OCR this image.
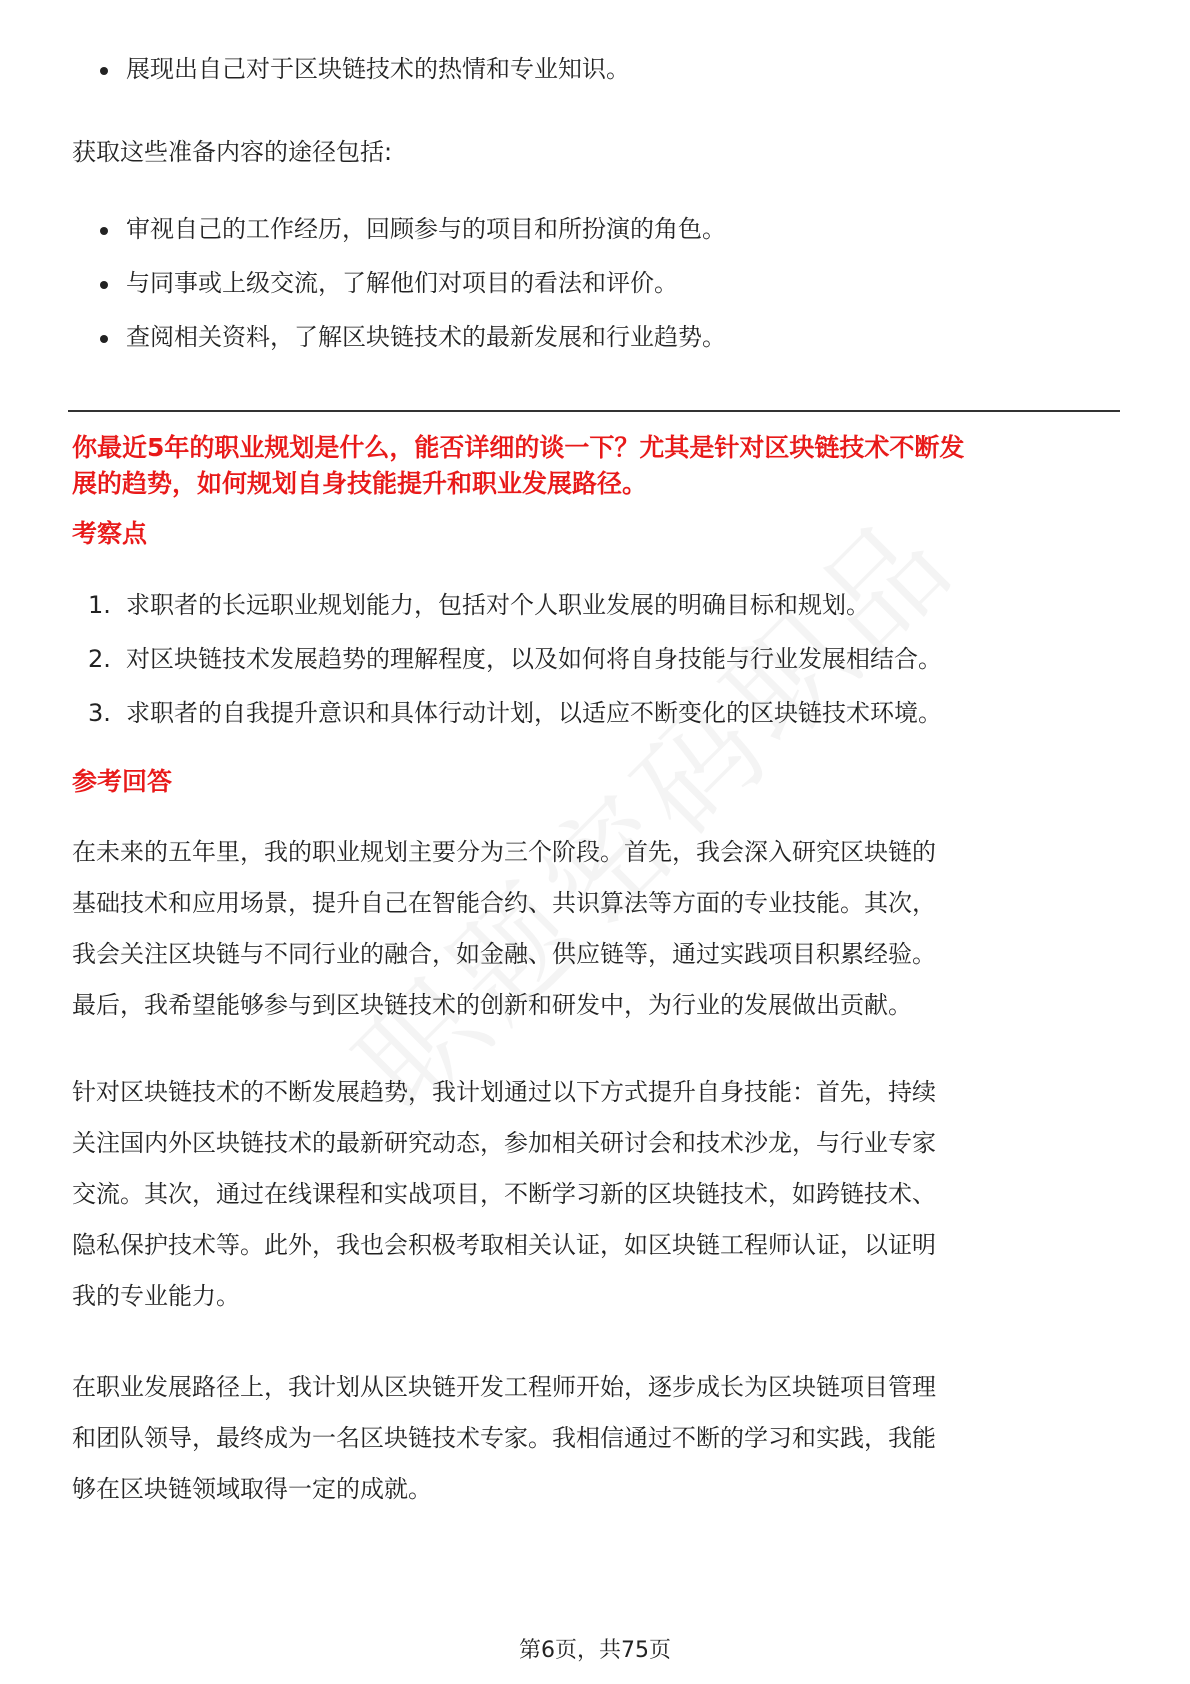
展现出自己对于区块链技术的热情和专业知识。

获取这些准备内容的途径包括:

审视自己的工作经历，回顾参与的项目和所扮演的角色。
与同事或上级交流，了解他们对项目的看法和评价。
查阅相关资料，了解区块链技术的最新发展和行业趋势。

你最近5年的职业规划是什么，能否详细的谈一下？尤其是针对区块链技术不断发

展的趋势，如何规划自身技能提升和职业发展路径。

考察点

1. 求职者的长远职业规划能力，包括对个人职业发展的明确目标和规划。
2. 对区块链技术发展趋势的理解程度，以及如何将自身技能与行业发展相结合。
3. 求职者的自我提升意识和具体行动计划，以适应不断变化的区块链技术环境。

参考回答

在未来的五年里，我的职业规划主要分为三个阶段。首先，我会深入研究区块链的

基础技术和应用场景，提升自己在智能合约、共识算法等方面的专业技能。其次，

我会关注区块链与不同行业的融合，如金融、供应链等，通过实践项目积累经验。

最后，我希望能够参与到区块链技术的创新和研发中，为行业的发展做出贡献。

针对区块链技术的不断发展趋势，我计划通过以下方式提升自身技能：首先，持续

关注国内外区块链技术的最新研究动态，参加相关研讨会和技术沙龙，与行业专家

交流。其次，通过在线课程和实战项目，不断学习新的区块链技术，如跨链技术、

隐私保护技术等。此外，我也会积极考取相关认证，如区块链工程师认证，以证明

我的专业能力。

在职业发展路径上，我计划从区块链开发工程师开始，逐步成长为区块链项目管理

和团队领导，最终成为一名区块链技术专家。我相信通过不断的学习和实践，我能

够在区块链领域取得一定的成就。

第6页，共75页
